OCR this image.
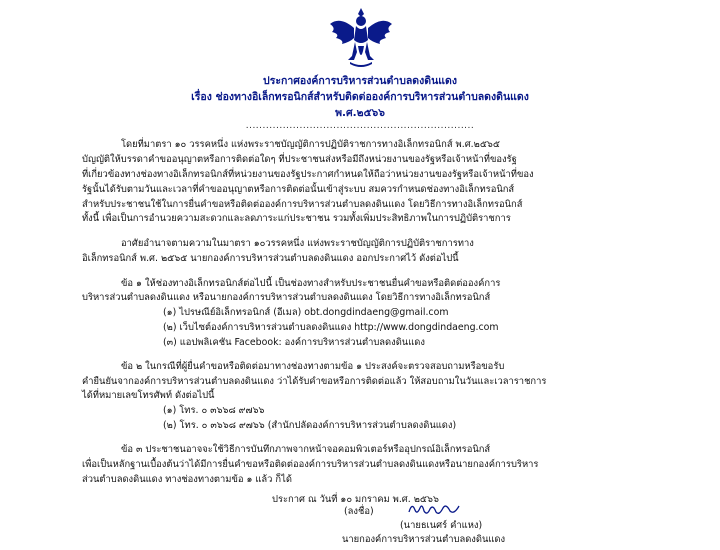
ประกาศองค์การบริหารส่วนตำบลดงดินแดง
เรื่อง ช่องทางอิเล็กทรอนิกส์สำหรับติดต่อองค์การบริหารส่วนตำบลดงดินแดง
พ.ศ.๒๕๖๖
....................................................................
โดยที่มาตรา ๑๐ วรรคหนึ่ง แห่งพระราชบัญญัติการปฏิบัติราชการทางอิเล็กทรอนิกส์ พ.ศ.๒๕๖๕
บัญญัติให้บรรดาคำขออนุญาตหรือการติดต่อใดๆ ที่ประชาชนส่งหรือมีถึงหน่วยงานของรัฐหรือเจ้าหน้าที่ของรัฐ
ที่เกี่ยวข้องทางช่องทางอิเล็กทรอนิกส์ที่หน่วยงานของรัฐประกาศกำหนดให้ถือว่าหน่วยงานของรัฐหรือเจ้าหน้าที่ของ
รัฐนั้นได้รับตามวันและเวลาที่คำขออนุญาตหรือการติดต่อนั้นเข้าสู่ระบบ สมควรกำหนดช่องทางอิเล็กทรอนิกส์
สำหรับประชาชนใช้ในการยื่นคำขอหรือติดต่อองค์การบริหารส่วนตำบลดงดินแดง โดยวิธีการทางอิเล็กทรอนิกส์
ทั้งนี้ เพื่อเป็นการอำนวยความสะดวกและลดภาระแก่ประชาชน รวมทั้งเพิ่มประสิทธิภาพในการปฏิบัติราชการ
อาศัยอำนาจตามความในมาตรา ๑๐วรรคหนึ่ง แห่งพระราชบัญญัติการปฏิบัติราชการทาง
อิเล็กทรอนิกส์ พ.ศ. ๒๕๖๕ นายกองค์การบริหารส่วนตำบลดงดินแดง ออกประกาศไว้ ดังต่อไปนี้
ข้อ ๑ ให้ช่องทางอิเล็กทรอนิกส์ต่อไปนี้ เป็นช่องทางสำหรับประชาชนยื่นคำขอหรือติดต่อองค์การ
บริหารส่วนตำบลดงดินแดง หรือนายกองค์การบริหารส่วนตำบลดงดินแดง โดยวิธีการทางอิเล็กทรอนิกส์
(๑) ไปรษณีย์อิเล็กทรอนิกส์ (อีเมล) obt.dongdindaeng@gmail.com
(๒) เว็บไซต์องค์การบริหารส่วนตำบลดงดินแดง http://www.dongdindaeng.com
(๓) แอปพลิเคชัน Facebook: องค์การบริหารส่วนตำบลดงดินแดง
ข้อ ๒ ในกรณีที่ผู้ยื่นคำขอหรือติดต่อมาทางช่องทางตามข้อ ๑ ประสงค์จะตรวจสอบถามหรือขอรับ
คำยืนยันจากองค์การบริหารส่วนตำบลดงดินแดง ว่าได้รับคำขอหรือการติดต่อแล้ว ให้สอบถามในวันและเวลาราชการ
ได้ที่หมายเลขโทรศัพท์ ดังต่อไปนี้
(๑) โทร. ๐ ๓๖๖๘ ๙๗๖๖
(๒) โทร. ๐ ๓๖๖๘ ๙๗๖๖ (สำนักปลัดองค์การบริหารส่วนตำบลดงดินแดง)
ข้อ ๓ ประชาชนอาจจะใช้วิธีการบันทึกภาพจากหน้าจอคอมพิวเตอร์หรืออุปกรณ์อิเล็กทรอนิกส์
เพื่อเป็นหลักฐานเบื้องต้นว่าได้มีการยื่นคำขอหรือติดต่อองค์การบริหารส่วนตำบลดงดินแดงหรือนายกองค์การบริหาร
ส่วนตำบลดงดินแดง ทางช่องทางตามข้อ ๑ แล้ว ก็ได้
ประกาศ ณ วันที่ ๑๐ มกราคม พ.ศ. ๒๕๖๖
(ลงชื่อ)
(นายธเนศร์ คำแหง)
นายกองค์การบริหารส่วนตำบลดงดินแดง
